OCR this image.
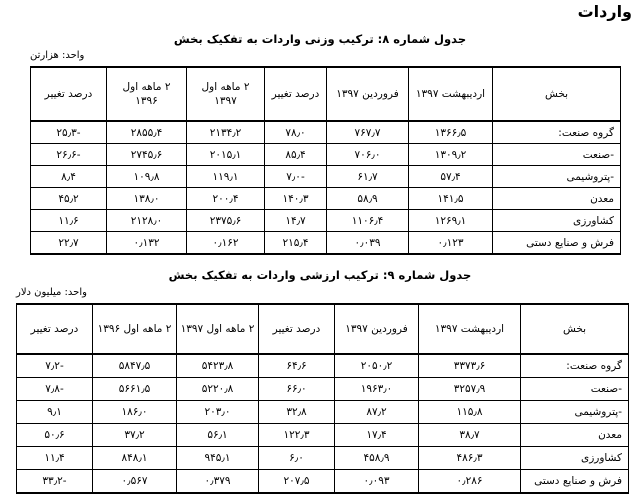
واردات
جدول شماره ۸: ترکیب وزنی واردات به تفکیک بخش
واحد: هزارتن
بخش	اردیبهشت ۱۳۹۷	فروردین ۱۳۹۷	درصد تغییر	۲ ماهه اول ۱۳۹۷	۲ ماهه اول ۱۳۹۶	درصد تغییر
گروه صنعت:	۱۳۶۶٫۵	۷۶۷٫۷	۷۸٫۰	۲۱۳۴٫۲	۲۸۵۵٫۴	-۲۵٫۳
-صنعت	۱۳۰۹٫۲	۷۰۶٫۰	۸۵٫۴	۲۰۱۵٫۱	۲۷۴۵٫۶	-۲۶٫۶
-پتروشیمی	۵۷٫۴	۶۱٫۷	-۷٫۰	۱۱۹٫۱	۱۰۹٫۸	۸٫۴
معدن	۱۴۱٫۵	۵۸٫۹	۱۴۰٫۳	۲۰۰٫۴	۱۳۸٫۰	۴۵٫۲
کشاورزی	۱۲۶۹٫۱	۱۱۰۶٫۴	۱۴٫۷	۲۳۷۵٫۶	۲۱۲۸٫۰	۱۱٫۶
فرش و صنایع دستی	۰٫۱۲۳	۰٫۰۳۹	۲۱۵٫۴	۰٫۱۶۲	۰٫۱۳۲	۲۲٫۷
جدول شماره ۹: ترکیب ارزشی واردات به تفکیک بخش
واحد: میلیون دلار
بخش	اردیبهشت ۱۳۹۷	فروردین ۱۳۹۷	درصد تغییر	۲ ماهه اول ۱۳۹۷	۲ ماهه اول ۱۳۹۶	درصد تغییر
گروه صنعت:	۳۳۷۳٫۶	۲۰۵۰٫۲	۶۴٫۶	۵۴۲۳٫۸	۵۸۴۷٫۵	-۷٫۲
-صنعت	۳۲۵۷٫۹	۱۹۶۳٫۰	۶۶٫۰	۵۲۲۰٫۸	۵۶۶۱٫۵	-۷٫۸
-پتروشیمی	۱۱۵٫۸	۸۷٫۲	۳۲٫۸	۲۰۳٫۰	۱۸۶٫۰	۹٫۱
معدن	۳۸٫۷	۱۷٫۴	۱۲۲٫۳	۵۶٫۱	۳۷٫۲	۵۰٫۶
کشاورزی	۴۸۶٫۳	۴۵۸٫۹	۶٫۰	۹۴۵٫۱	۸۴۸٫۱	۱۱٫۴
فرش و صنایع دستی	۰٫۲۸۶	۰٫۰۹۳	۲۰۷٫۵	۰٫۳۷۹	۰٫۵۶۷	-۳۳٫۲
